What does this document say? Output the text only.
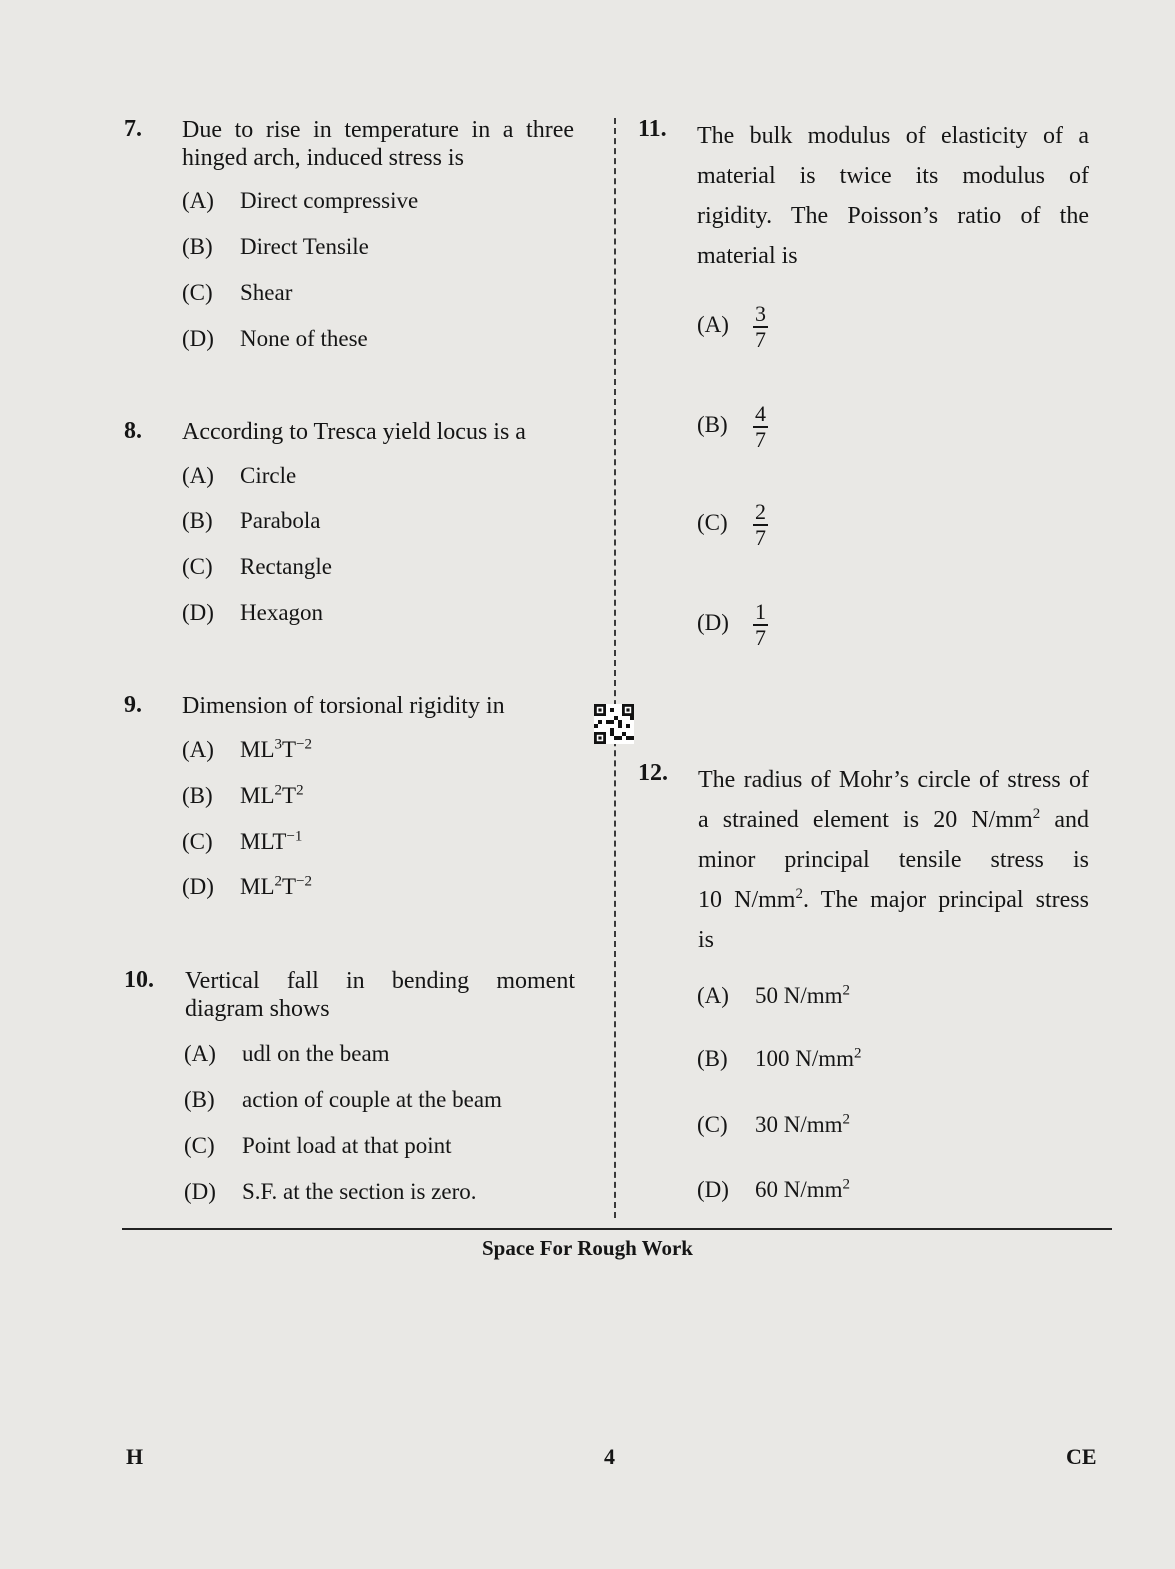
7. Due to rise in temperature in a three
hinged arch, induced stress is
(A) Direct compressive
(B) Direct Tensile
(C) Shear
(D) None of these
8. According to Tresca yield locus is a
(A) Circle
(B) Parabola
(C) Rectangle
(D) Hexagon
9. Dimension of torsional rigidity in
(A) $ML^3T^{-2}$
(B) $ML^2T^2$
(C) $MLT^{-1}$
(D) $ML^2T^{-2}$
10. Vertical fall in bending moment
diagram shows
(A) udl on the beam
(B) action of couple at the beam
(C) Point load at that point
(D) S.F. at the section is zero.
11. The bulk modulus of elasticity of a
material is twice its modulus of
rigidity. The Poisson’s ratio of the
material is
$(A) \frac{3}{7}$
$(B) \frac{4}{7}$
$(C) \frac{2}{7}$
$(D) \frac{1}{7}$
12. The radius of Mohr’s circle of stress of
a strained element is 20 $N/mm^2$ and
minor principal tensile stress is
10 $N/mm^2$. The major principal stress
is
(A) 50 $N/mm^2$
(B) 100 $N/mm^2$
(C) 30 $N/mm^2$
(D) 60 $N/mm^2$
Space For Rough Work
H	4	CE
